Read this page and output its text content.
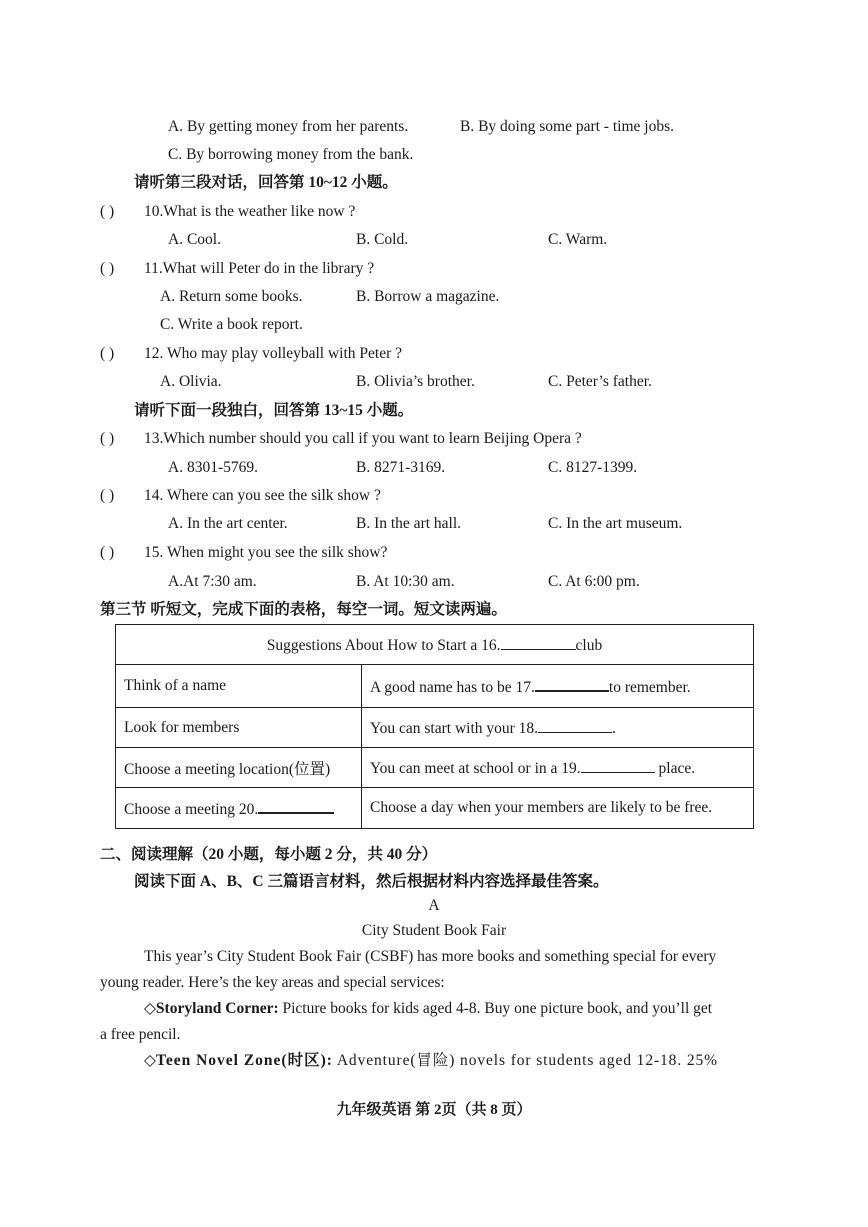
A. By getting money from her parents.	B. By doing some part - time jobs.
C. By borrowing money from the bank.
请听第三段对话，回答第 10~12 小题。
( ) 10.What is the weather like now ?
A. Cool.	B. Cold.	C. Warm.
( ) 11.What will Peter do in the library ?
A. Return some books.	B. Borrow a magazine.
C. Write a book report.
( ) 12. Who may play volleyball with Peter ?
A. Olivia.	B. Olivia’s brother.	C. Peter’s father.
请听下面一段独白，回答第 13~15 小题。
( ) 13.Which number should you call if you want to learn Beijing Opera ?
A. 8301-5769.	B. 8271-3169.	C. 8127-1399.
( ) 14. Where can you see the silk show ?
A. In the art center.	B. In the art hall.	C. In the art museum.
( ) 15. When might you see the silk show?
A.At 7:30 am.	B. At 10:30 am.	C. At 6:00 pm.
第三节 听短文，完成下面的表格，每空一词。短文读两遍。
Suggestions About How to Start a 16. club	
Think of a name	A good name has to be 17. to remember.
Look for members	You can start with your 18. .
Choose a meeting location(位置)	You can meet at school or in a 19. place.
Choose a meeting 20.	Choose a day when your members are likely to be free.
二、阅读理解（20 小题，每小题 2 分，共 40 分）
阅读下面 A、B、C 三篇语言材料，然后根据材料内容选择最佳答案。
A
City Student Book Fair
This year’s City Student Book Fair (CSBF) has more books and something special for every
young reader. Here’s the key areas and special services:
◇Storyland Corner: Picture books for kids aged 4-8. Buy one picture book, and you’ll get
a free pencil.
◇Teen Novel Zone(时区): Adventure(冒险) novels for students aged 12-18. 25%
九年级英语 第 2页（共 8 页）
